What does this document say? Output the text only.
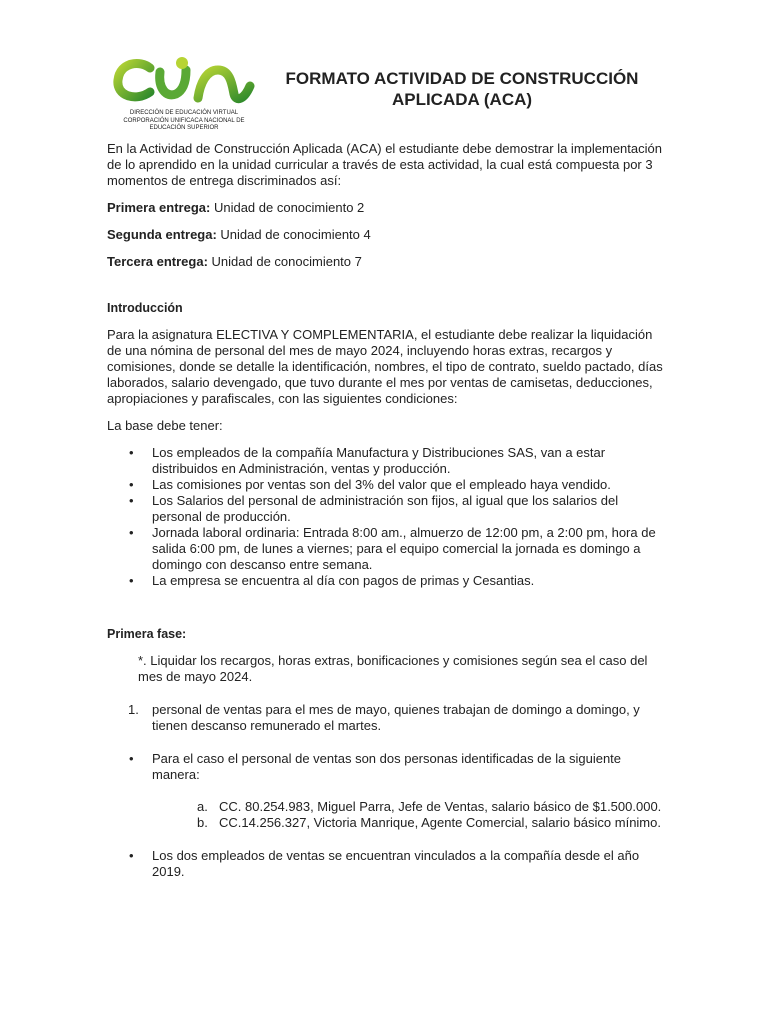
DIRECCIÓN DE EDUCACIÓN VIRTUAL
CORPORACIÓN UNIFICACA NACIONAL DE
EDUCACIÓN SUPERIOR
FORMATO ACTIVIDAD DE CONSTRUCCIÓN
APLICADA (ACA)

En la Actividad de Construcción Aplicada (ACA) el estudiante debe demostrar la implementación de lo aprendido en la unidad curricular a través de esta actividad, la cual está compuesta por 3 momentos de entrega discriminados así:

Primera entrega: Unidad de conocimiento 2

Segunda entrega: Unidad de conocimiento 4

Tercera entrega: Unidad de conocimiento 7

Introducción

Para la asignatura ELECTIVA Y COMPLEMENTARIA, el estudiante debe realizar la liquidación de una nómina de personal del mes de mayo 2024, incluyendo horas extras, recargos y comisiones, donde se detalle la identificación, nombres, el tipo de contrato, sueldo pactado, días laborados, salario devengado, que tuvo durante el mes por ventas de camisetas, deducciones, apropiaciones y parafiscales, con las siguientes condiciones:

La base debe tener:

• Los empleados de la compañía Manufactura y Distribuciones SAS, van a estar distribuidos en Administración, ventas y producción.
• Las comisiones por ventas son del 3% del valor que el empleado haya vendido.
• Los Salarios del personal de administración son fijos, al igual que los salarios del personal de producción.
• Jornada laboral ordinaria: Entrada 8:00 am., almuerzo de 12:00 pm, a 2:00 pm, hora de salida 6:00 pm, de lunes a viernes; para el equipo comercial la jornada es domingo a domingo con descanso entre semana.
• La empresa se encuentra al día con pagos de primas y Cesantias.

Primera fase:

*. Liquidar los recargos, horas extras, bonificaciones y comisiones según sea el caso del mes de mayo 2024.

1. personal de ventas para el mes de mayo, quienes trabajan de domingo a domingo, y tienen descanso remunerado el martes.
• Para el caso el personal de ventas son dos personas identificadas de la siguiente manera:
a. CC. 80.254.983, Miguel Parra, Jefe de Ventas, salario básico de $1.500.000.
b. CC.14.256.327, Victoria Manrique, Agente Comercial, salario básico mínimo.
• Los dos empleados de ventas se encuentran vinculados a la compañía desde el año 2019.
